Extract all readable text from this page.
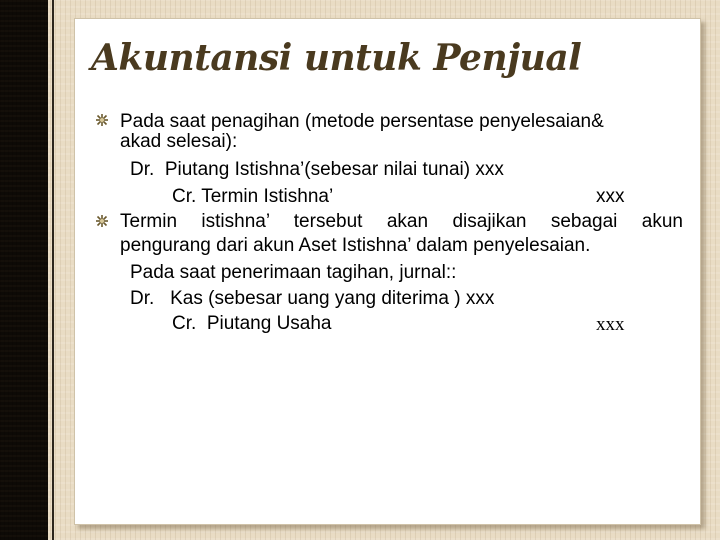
Akuntansi untuk Penjual
Pada saat penagihan (metode persentase penyelesaian&
akad selesai):
Dr. Piutang Istishna’(sebesar nilai tunai) xxx
Cr. Termin Istishna’	xxx
Termin istishna’ tersebut akan disajikan sebagai akun
pengurang dari akun Aset Istishna’ dalam penyelesaian.
Pada saat penerimaan tagihan, jurnal::
Dr. Kas (sebesar uang yang diterima ) xxx
Cr. Piutang Usaha	xxx
